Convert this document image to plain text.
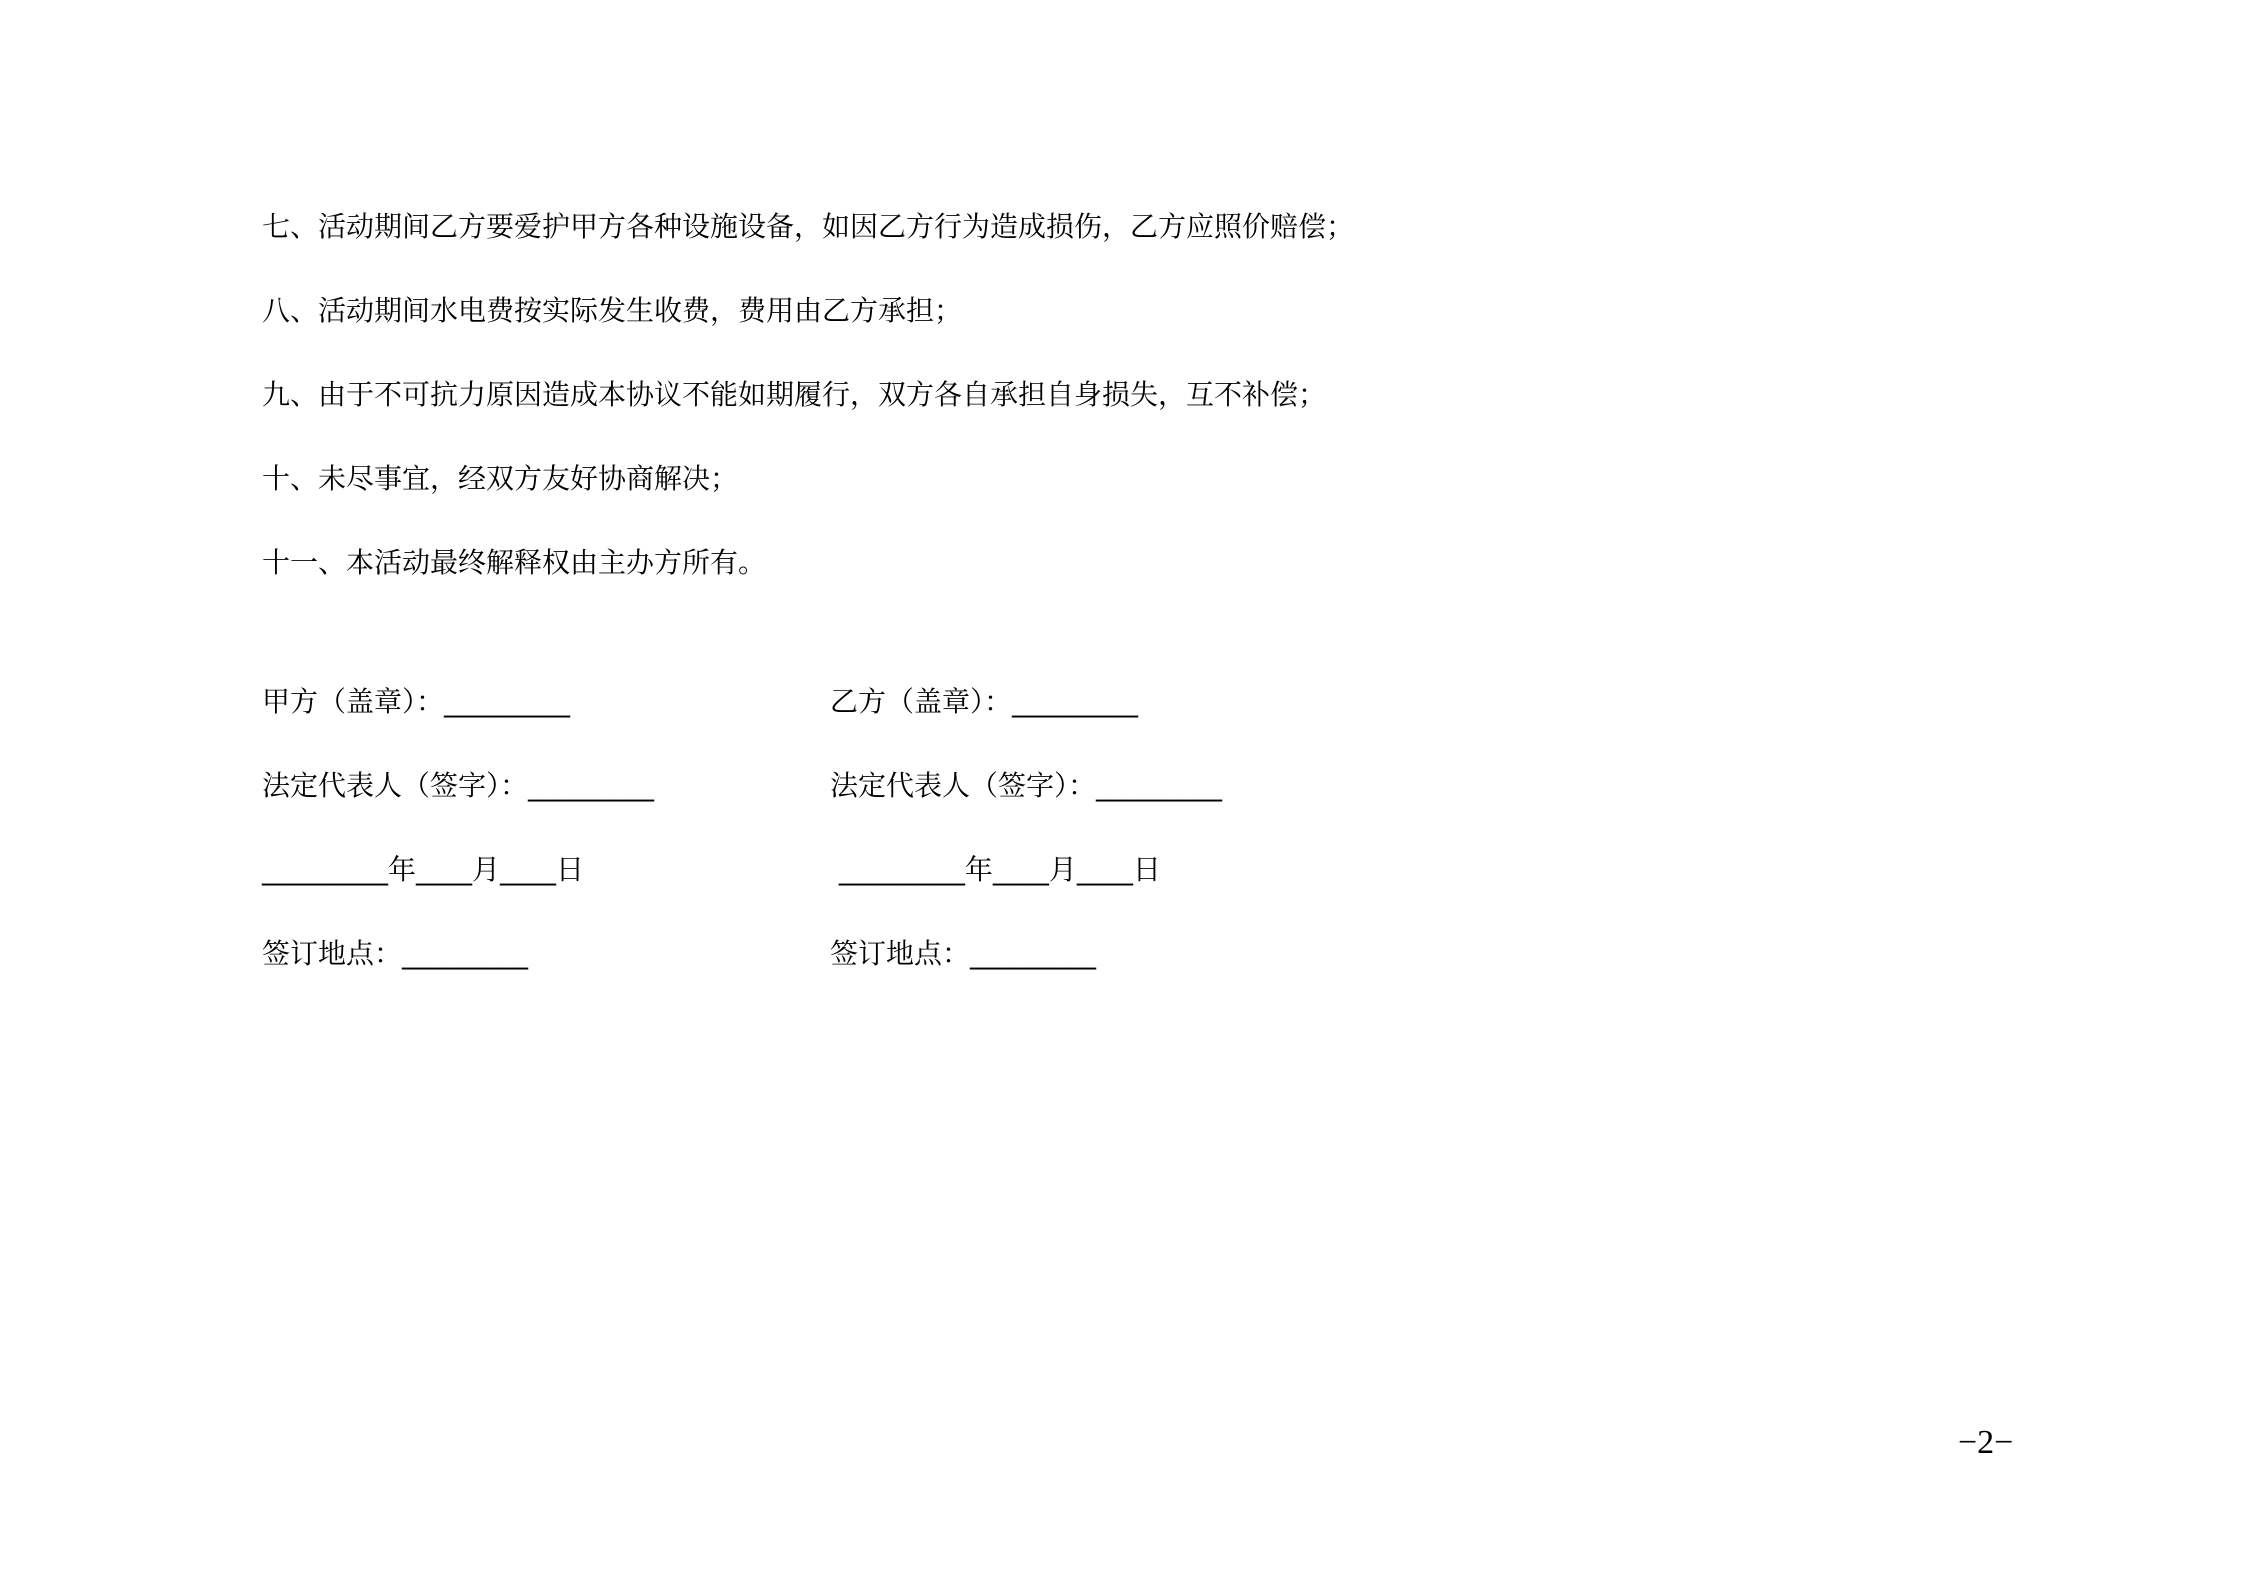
七、活动期间乙方要爱护甲方各种设施设备，如因乙方行为造成损伤，乙方应照价赔偿；
八、活动期间水电费按实际发生收费，费用由乙方承担；
九、由于不可抗力原因造成本协议不能如期履行，双方各自承担自身损失，互不补偿；
十、未尽事宜，经双方友好协商解决；
十一、本活动最终解释权由主办方所有。
甲方（盖章）：_________
法定代表人（签字）：_________
_________年____月____日
签订地点：_________
乙方（盖章）：_________
法定代表人（签字）：_________
_________年____月____日
签订地点：_________
−2−
